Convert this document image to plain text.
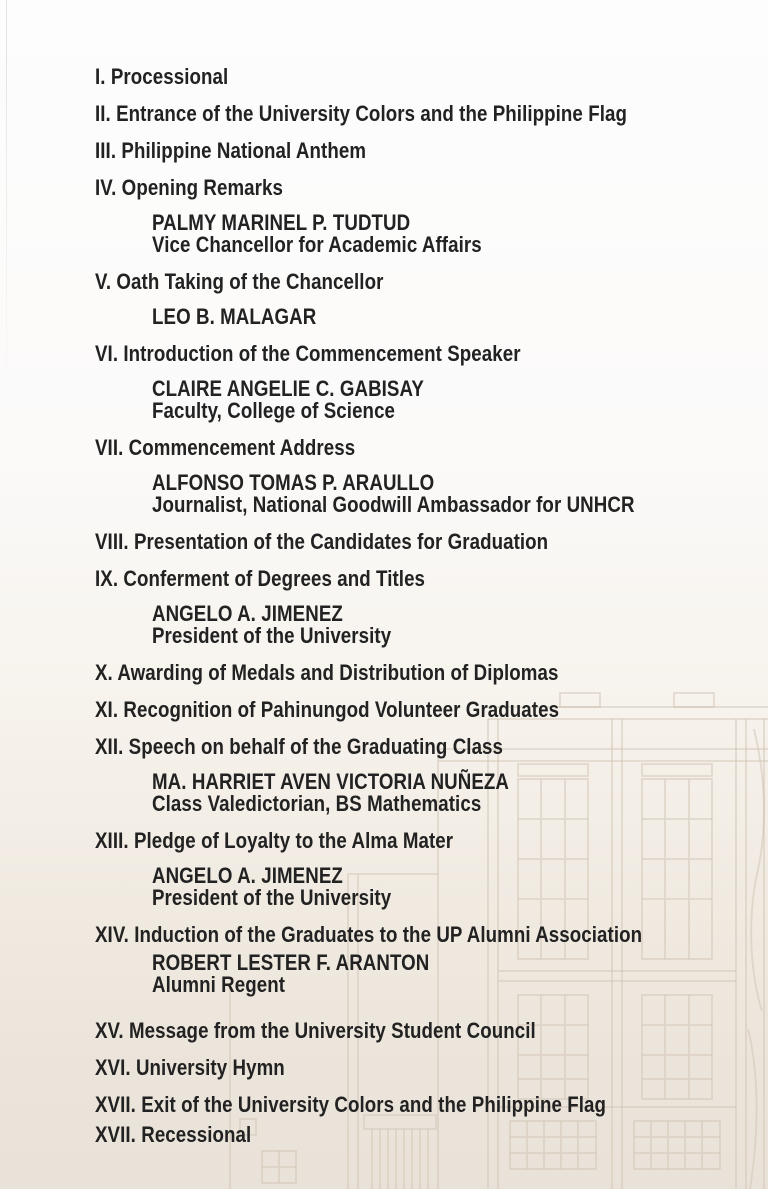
I. Processional
II. Entrance of the University Colors and the Philippine Flag
III. Philippine National Anthem
IV. Opening Remarks
PALMY MARINEL P. TUDTUD
Vice Chancellor for Academic Affairs
V. Oath Taking of the Chancellor
LEO B. MALAGAR
VI. Introduction of the Commencement Speaker
CLAIRE ANGELIE C. GABISAY
Faculty, College of Science
VII. Commencement Address
ALFONSO TOMAS P. ARAULLO
Journalist, National Goodwill Ambassador for UNHCR
VIII. Presentation of the Candidates for Graduation
IX. Conferment of Degrees and Titles
ANGELO A. JIMENEZ
President of the University
X. Awarding of Medals and Distribution of Diplomas
XI. Recognition of Pahinungod Volunteer Graduates
XII. Speech on behalf of the Graduating Class
MA. HARRIET AVEN VICTORIA NUÑEZA
Class Valedictorian, BS Mathematics
XIII. Pledge of Loyalty to the Alma Mater
ANGELO A. JIMENEZ
President of the University
XIV. Induction of the Graduates to the UP Alumni Association
ROBERT LESTER F. ARANTON
Alumni Regent
XV. Message from the University Student Council
XVI. University Hymn
XVII. Exit of the University Colors and the Philippine Flag
XVII. Recessional
